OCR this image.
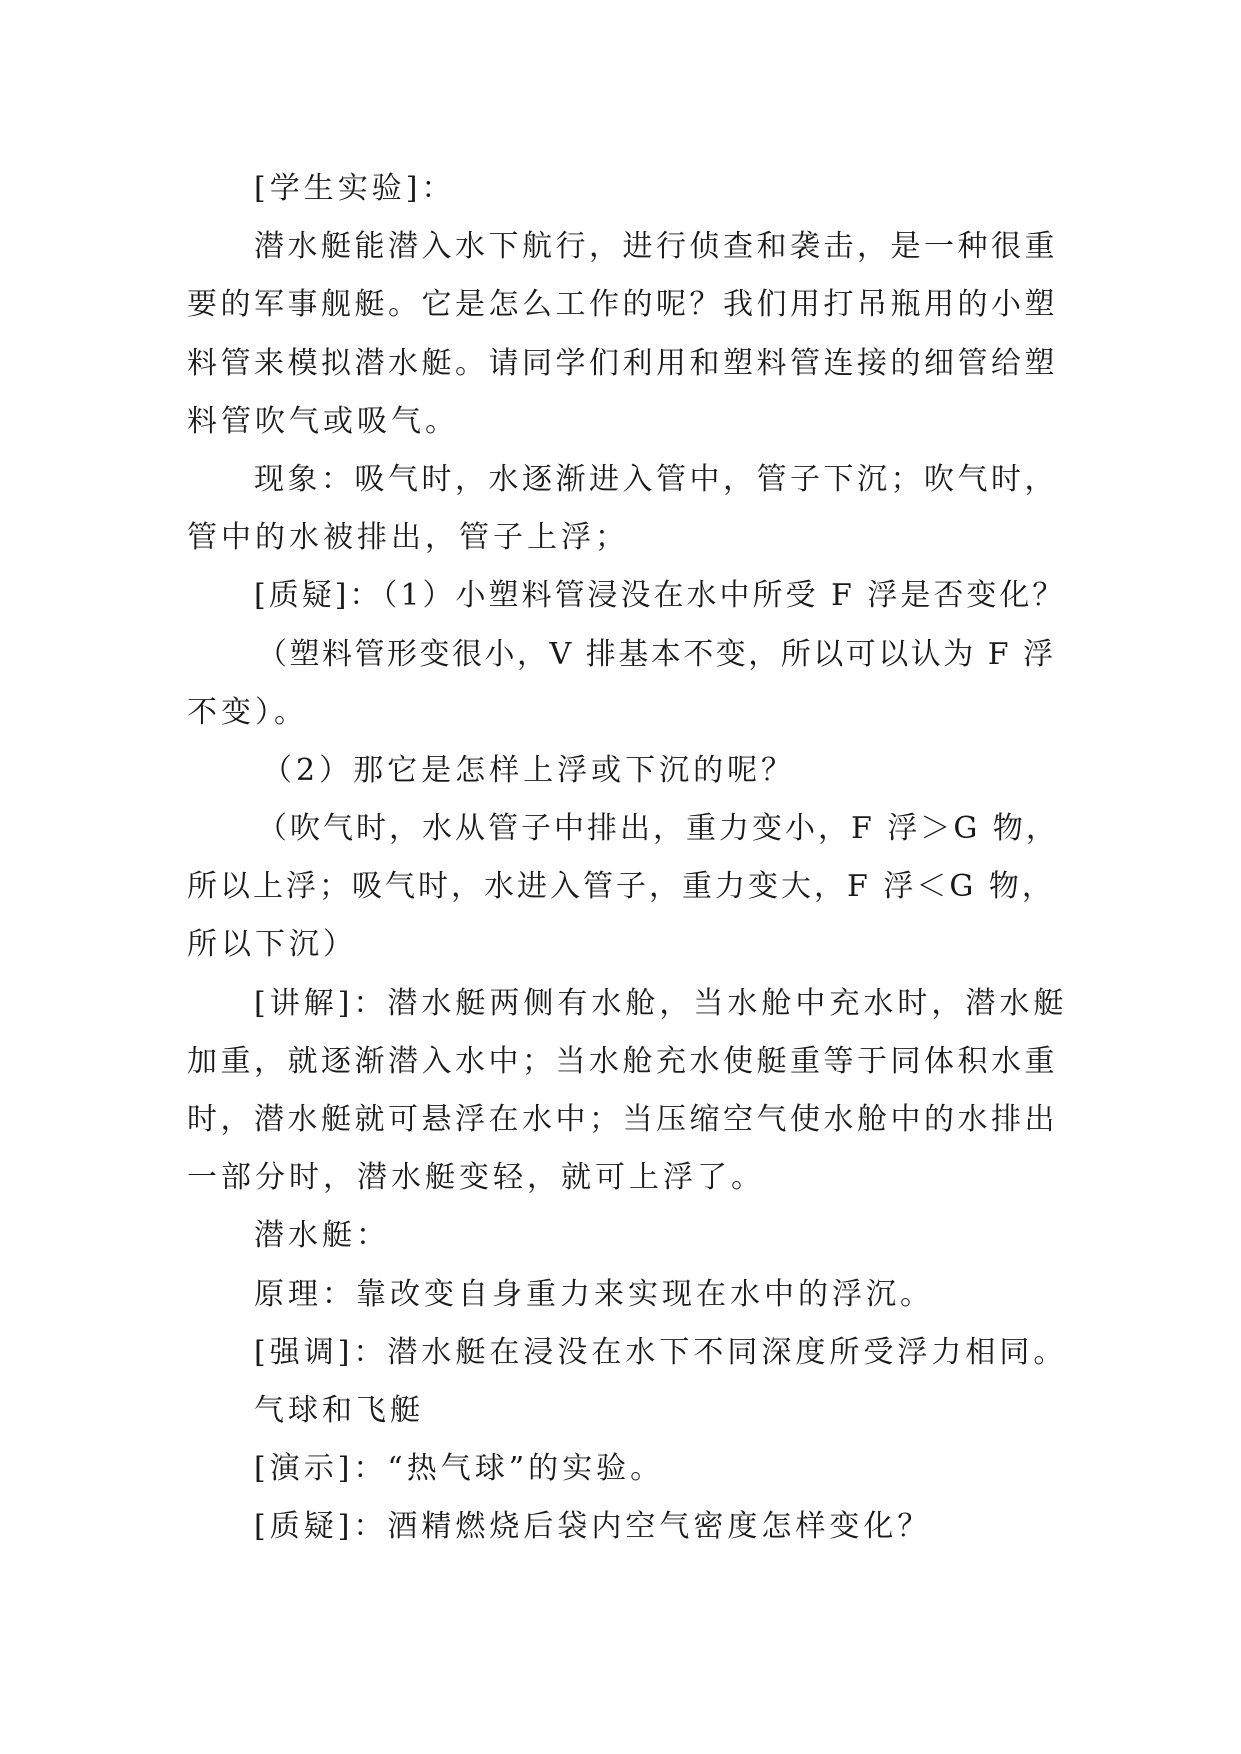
[学生实验]：
潜水艇能潜入水下航行，进行侦查和袭击，是一种很重
要的军事舰艇。它是怎么工作的呢？我们用打吊瓶用的小塑
料管来模拟潜水艇。请同学们利用和塑料管连接的细管给塑
料管吹气或吸气。
现象：吸气时，水逐渐进入管中，管子下沉；吹气时，
管中的水被排出，管子上浮；
[质疑]：（1）小塑料管浸没在水中所受 F 浮是否变化？
（塑料管形变很小，V 排基本不变，所以可以认为 F 浮
不变）。
（2）那它是怎样上浮或下沉的呢？
（吹气时，水从管子中排出，重力变小，F 浮＞G 物，
所以上浮；吸气时，水进入管子，重力变大，F 浮＜G 物，
所以下沉）
[讲解]：潜水艇两侧有水舱，当水舱中充水时，潜水艇
加重，就逐渐潜入水中；当水舱充水使艇重等于同体积水重
时，潜水艇就可悬浮在水中；当压缩空气使水舱中的水排出
一部分时，潜水艇变轻，就可上浮了。
潜水艇：
原理：靠改变自身重力来实现在水中的浮沉。
[强调]：潜水艇在浸没在水下不同深度所受浮力相同。
气球和飞艇
[演示]：“热气球”的实验。
[质疑]：酒精燃烧后袋内空气密度怎样变化？
